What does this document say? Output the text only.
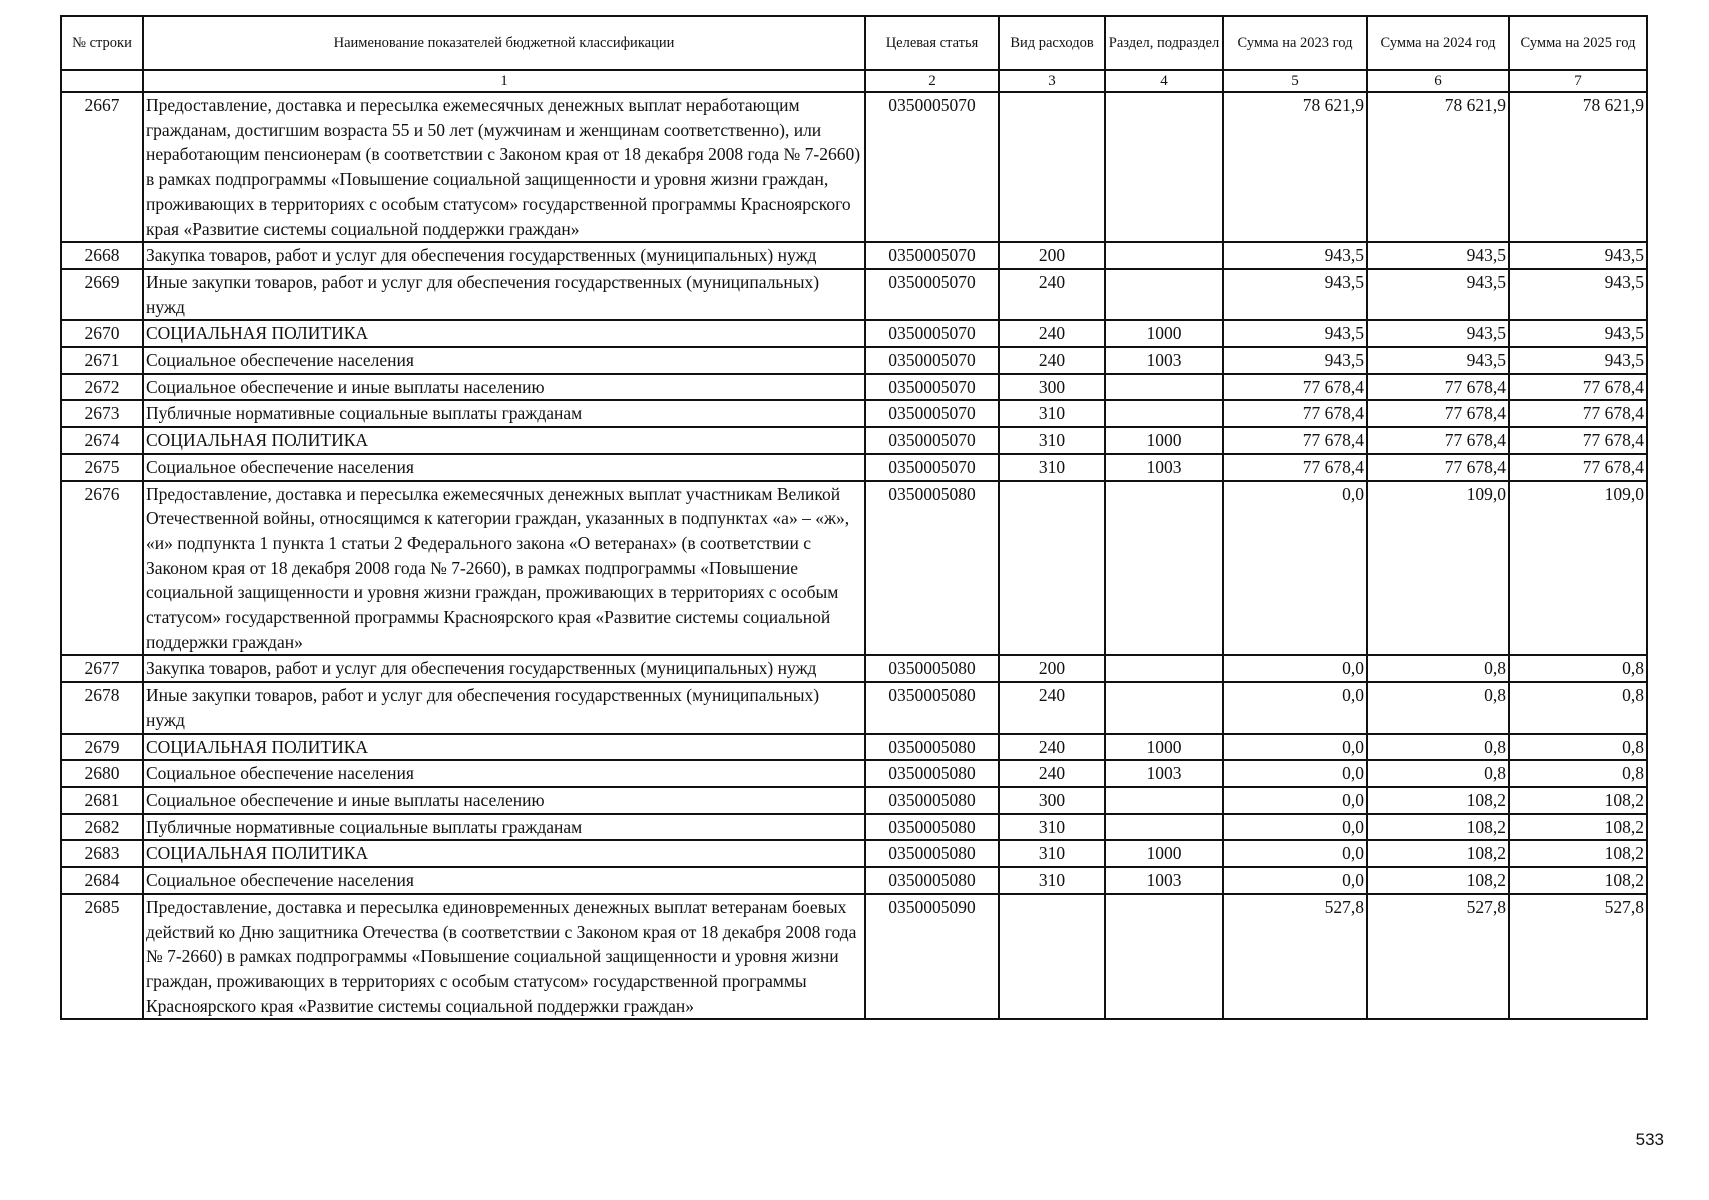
№ строки	Наименование показателей бюджетной классификации	Целевая статья	Вид расходов	Раздел, подраздел	Сумма на 2023 год	Сумма на 2024 год	Сумма на 2025 год
	1	2	3	4	5	6	7
2667	Предоставление, доставка и пересылка ежемесячных денежных выплат неработающим гражданам, достигшим возраста 55 и 50 лет (мужчинам и женщинам соответственно), или неработающим пенсионерам (в соответствии с Законом края от 18 декабря 2008 года № 7-2660) в рамках подпрограммы «Повышение социальной защищенности и уровня жизни граждан, проживающих в территориях с особым статусом» государственной программы Красноярского края «Развитие системы социальной поддержки граждан»	0350005070			78 621,9	78 621,9	78 621,9
2668	Закупка товаров, работ и услуг для обеспечения государственных (муниципальных) нужд	0350005070	200		943,5	943,5	943,5
2669	Иные закупки товаров, работ и услуг для обеспечения государственных (муниципальных) нужд	0350005070	240		943,5	943,5	943,5
2670	СОЦИАЛЬНАЯ ПОЛИТИКА	0350005070	240	1000	943,5	943,5	943,5
2671	Социальное обеспечение населения	0350005070	240	1003	943,5	943,5	943,5
2672	Социальное обеспечение и иные выплаты населению	0350005070	300		77 678,4	77 678,4	77 678,4
2673	Публичные нормативные социальные выплаты гражданам	0350005070	310		77 678,4	77 678,4	77 678,4
2674	СОЦИАЛЬНАЯ ПОЛИТИКА	0350005070	310	1000	77 678,4	77 678,4	77 678,4
2675	Социальное обеспечение населения	0350005070	310	1003	77 678,4	77 678,4	77 678,4
2676	Предоставление, доставка и пересылка ежемесячных денежных выплат участникам Великой Отечественной войны, относящимся к категории граждан, указанных в подпунктах «а» – «ж», «и» подпункта 1 пункта 1 статьи 2 Федерального закона «О ветеранах» (в соответствии с Законом края от 18 декабря 2008 года № 7-2660), в рамках подпрограммы «Повышение социальной защищенности и уровня жизни граждан, проживающих в территориях с особым статусом» государственной программы Красноярского края «Развитие системы социальной поддержки граждан»	0350005080			0,0	109,0	109,0
2677	Закупка товаров, работ и услуг для обеспечения государственных (муниципальных) нужд	0350005080	200		0,0	0,8	0,8
2678	Иные закупки товаров, работ и услуг для обеспечения государственных (муниципальных) нужд	0350005080	240		0,0	0,8	0,8
2679	СОЦИАЛЬНАЯ ПОЛИТИКА	0350005080	240	1000	0,0	0,8	0,8
2680	Социальное обеспечение населения	0350005080	240	1003	0,0	0,8	0,8
2681	Социальное обеспечение и иные выплаты населению	0350005080	300		0,0	108,2	108,2
2682	Публичные нормативные социальные выплаты гражданам	0350005080	310		0,0	108,2	108,2
2683	СОЦИАЛЬНАЯ ПОЛИТИКА	0350005080	310	1000	0,0	108,2	108,2
2684	Социальное обеспечение населения	0350005080	310	1003	0,0	108,2	108,2
2685	Предоставление, доставка и пересылка единовременных денежных выплат ветеранам боевых действий ко Дню защитника Отечества (в соответствии с Законом края от 18 декабря 2008 года № 7-2660) в рамках подпрограммы «Повышение социальной защищенности и уровня жизни граждан, проживающих в территориях с особым статусом» государственной программы Красноярского края «Развитие системы социальной поддержки граждан»	0350005090			527,8	527,8	527,8
533
